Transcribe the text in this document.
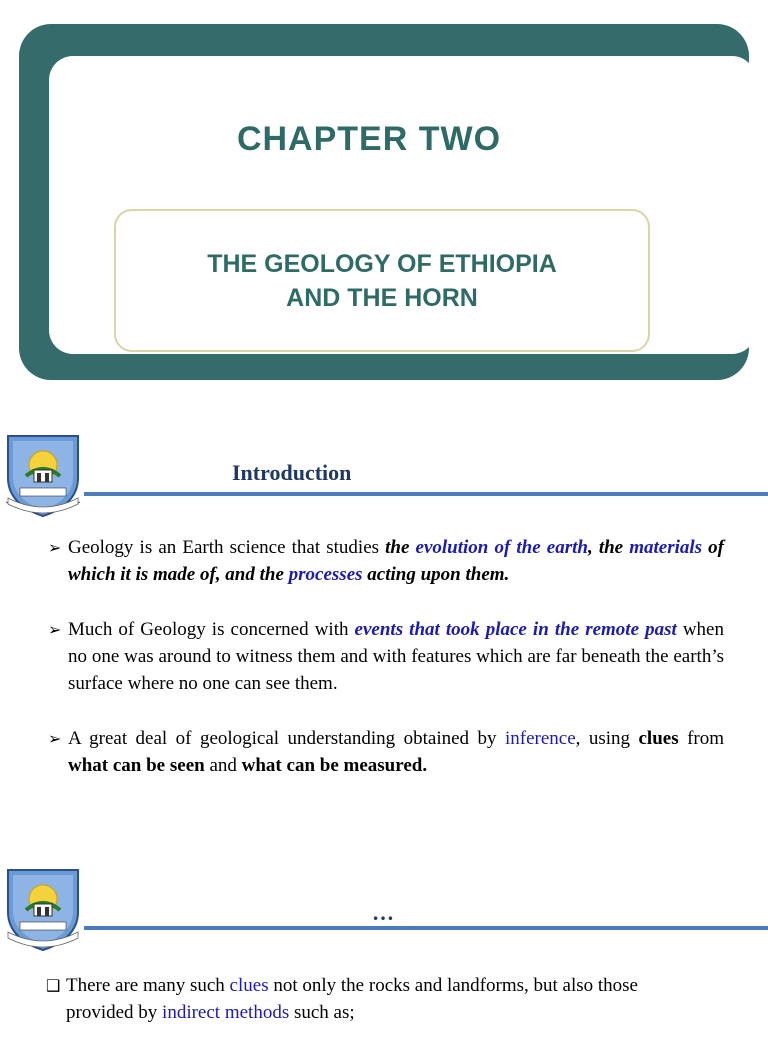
CHAPTER TWO
THE GEOLOGY OF ETHIOPIA
AND THE HORN
Introduction
➢ Geology is an Earth science that studies the evolution of the earth, the materials of which it is made of, and the processes acting upon them.
➢ Much of Geology is concerned with events that took place in the remote past when no one was around to witness them and with features which are far beneath the earth’s surface where no one can see them.
➢ A great deal of geological understanding obtained by inference, using clues from what can be seen and what can be measured.
…
❑ There are many such clues not only the rocks and landforms, but also those provided by indirect methods such as;
